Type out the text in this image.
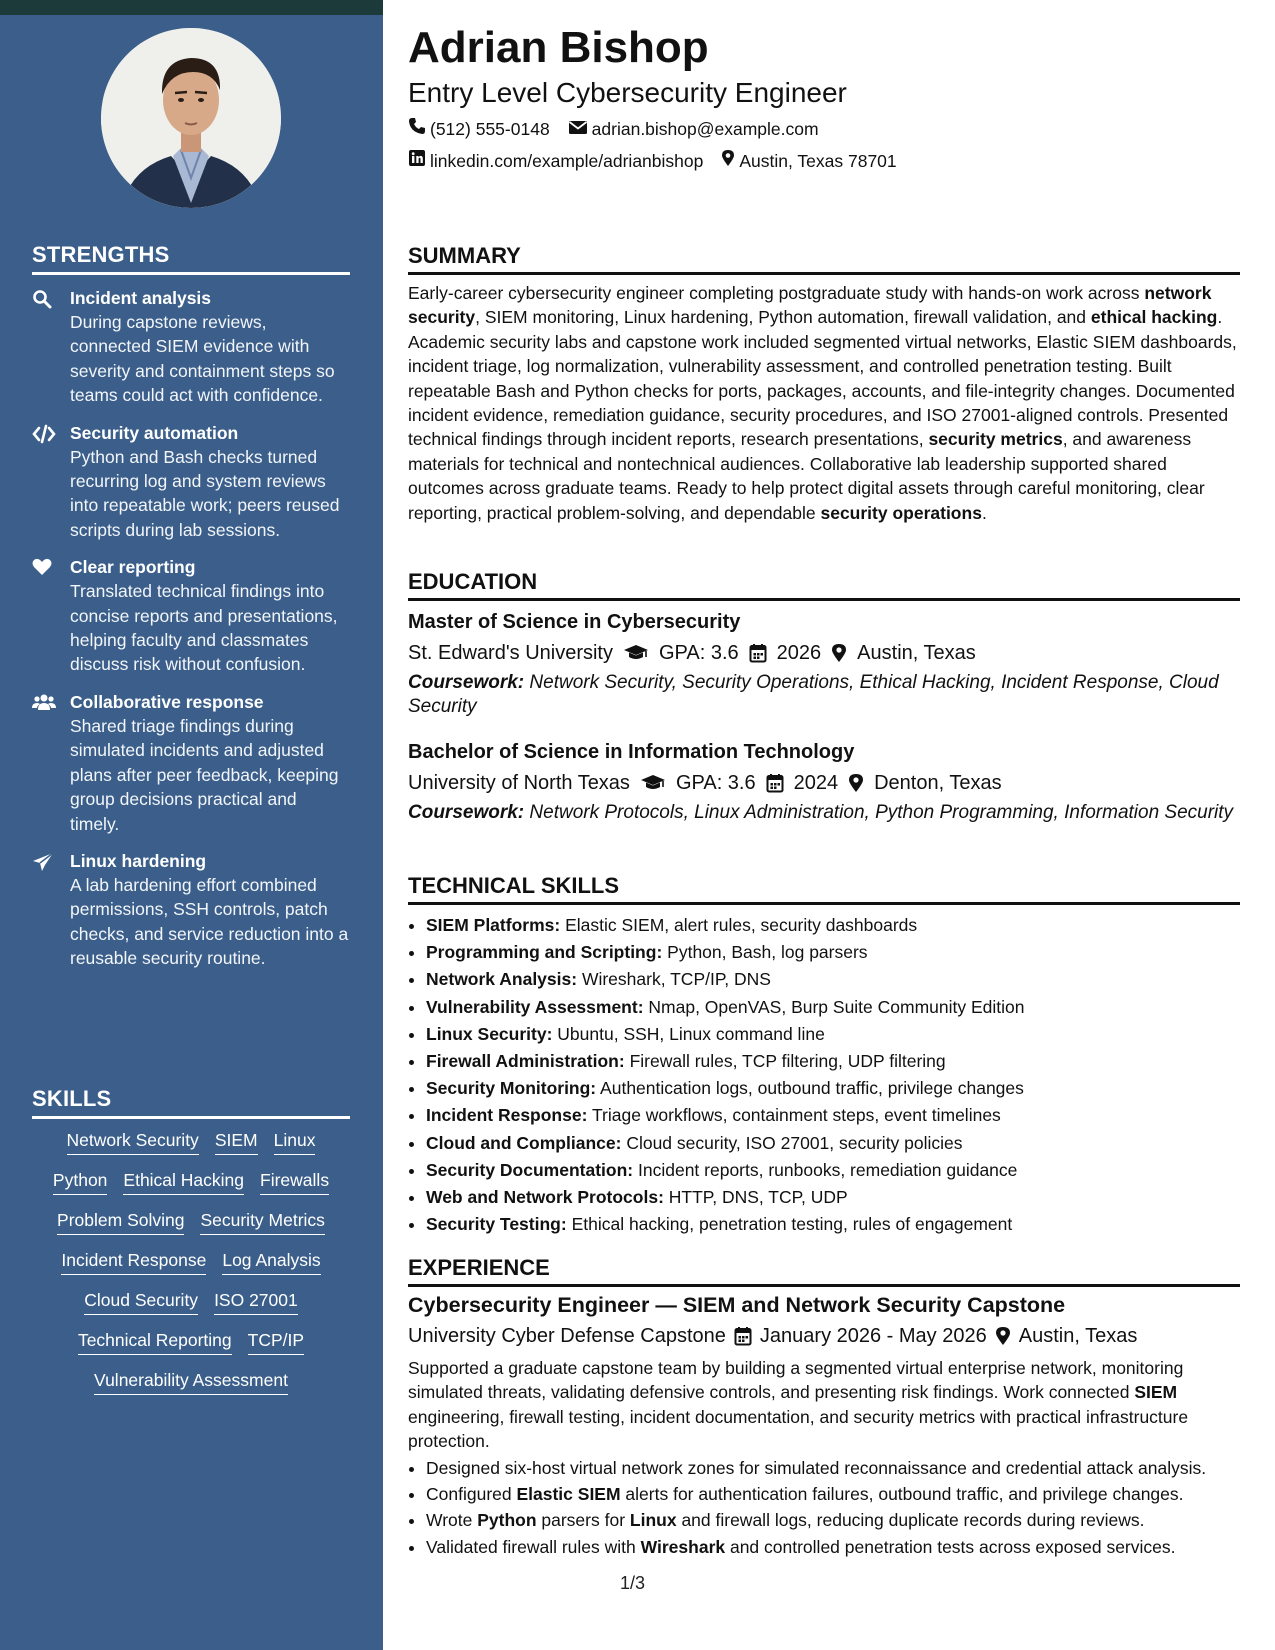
STRENGTHS
Incident analysis
During capstone reviews, connected SIEM evidence with severity and containment steps so teams could act with confidence.
Security automation
Python and Bash checks turned recurring log and system reviews into repeatable work; peers reused scripts during lab sessions.
Clear reporting
Translated technical findings into concise reports and presentations, helping faculty and classmates discuss risk without confusion.
Collaborative response
Shared triage findings during simulated incidents and adjusted plans after peer feedback, keeping group decisions practical and timely.
Linux hardening
A lab hardening effort combined permissions, SSH controls, patch checks, and service reduction into a reusable security routine.
SKILLS
Network Security SIEM Linux
Python Ethical Hacking Firewalls
Problem Solving Security Metrics
Incident Response Log Analysis
Cloud Security ISO 27001
Technical Reporting TCP/IP
Vulnerability Assessment
Adrian Bishop
Entry Level Cybersecurity Engineer
(512) 555-0148 adrian.bishop@example.com
linkedin.com/example/adrianbishop Austin, Texas 78701
SUMMARY
Early-career cybersecurity engineer completing postgraduate study with hands-on work across network security, SIEM monitoring, Linux hardening, Python automation, firewall validation, and ethical hacking. Academic security labs and capstone work included segmented virtual networks, Elastic SIEM dashboards, incident triage, log normalization, vulnerability assessment, and controlled penetration testing. Built repeatable Bash and Python checks for ports, packages, accounts, and file-integrity changes. Documented incident evidence, remediation guidance, security procedures, and ISO 27001-aligned controls. Presented technical findings through incident reports, research presentations, security metrics, and awareness materials for technical and nontechnical audiences. Collaborative lab leadership supported shared outcomes across graduate teams. Ready to help protect digital assets through careful monitoring, clear reporting, practical problem-solving, and dependable security operations.
EDUCATION
Master of Science in Cybersecurity
St. Edward's University GPA: 3.6 2026 Austin, Texas
Coursework: Network Security, Security Operations, Ethical Hacking, Incident Response, Cloud Security
Bachelor of Science in Information Technology
University of North Texas GPA: 3.6 2024 Denton, Texas
Coursework: Network Protocols, Linux Administration, Python Programming, Information Security
TECHNICAL SKILLS
• SIEM Platforms: Elastic SIEM, alert rules, security dashboards
• Programming and Scripting: Python, Bash, log parsers
• Network Analysis: Wireshark, TCP/IP, DNS
• Vulnerability Assessment: Nmap, OpenVAS, Burp Suite Community Edition
• Linux Security: Ubuntu, SSH, Linux command line
• Firewall Administration: Firewall rules, TCP filtering, UDP filtering
• Security Monitoring: Authentication logs, outbound traffic, privilege changes
• Incident Response: Triage workflows, containment steps, event timelines
• Cloud and Compliance: Cloud security, ISO 27001, security policies
• Security Documentation: Incident reports, runbooks, remediation guidance
• Web and Network Protocols: HTTP, DNS, TCP, UDP
• Security Testing: Ethical hacking, penetration testing, rules of engagement
EXPERIENCE
Cybersecurity Engineer — SIEM and Network Security Capstone
University Cyber Defense Capstone January 2026 - May 2026 Austin, Texas
Supported a graduate capstone team by building a segmented virtual enterprise network, monitoring simulated threats, validating defensive controls, and presenting risk findings. Work connected SIEM engineering, firewall testing, incident documentation, and security metrics with practical infrastructure protection.
• Designed six-host virtual network zones for simulated reconnaissance and credential attack analysis.
• Configured Elastic SIEM alerts for authentication failures, outbound traffic, and privilege changes.
• Wrote Python parsers for Linux and firewall logs, reducing duplicate records during reviews.
• Validated firewall rules with Wireshark and controlled penetration tests across exposed services.
1/3
